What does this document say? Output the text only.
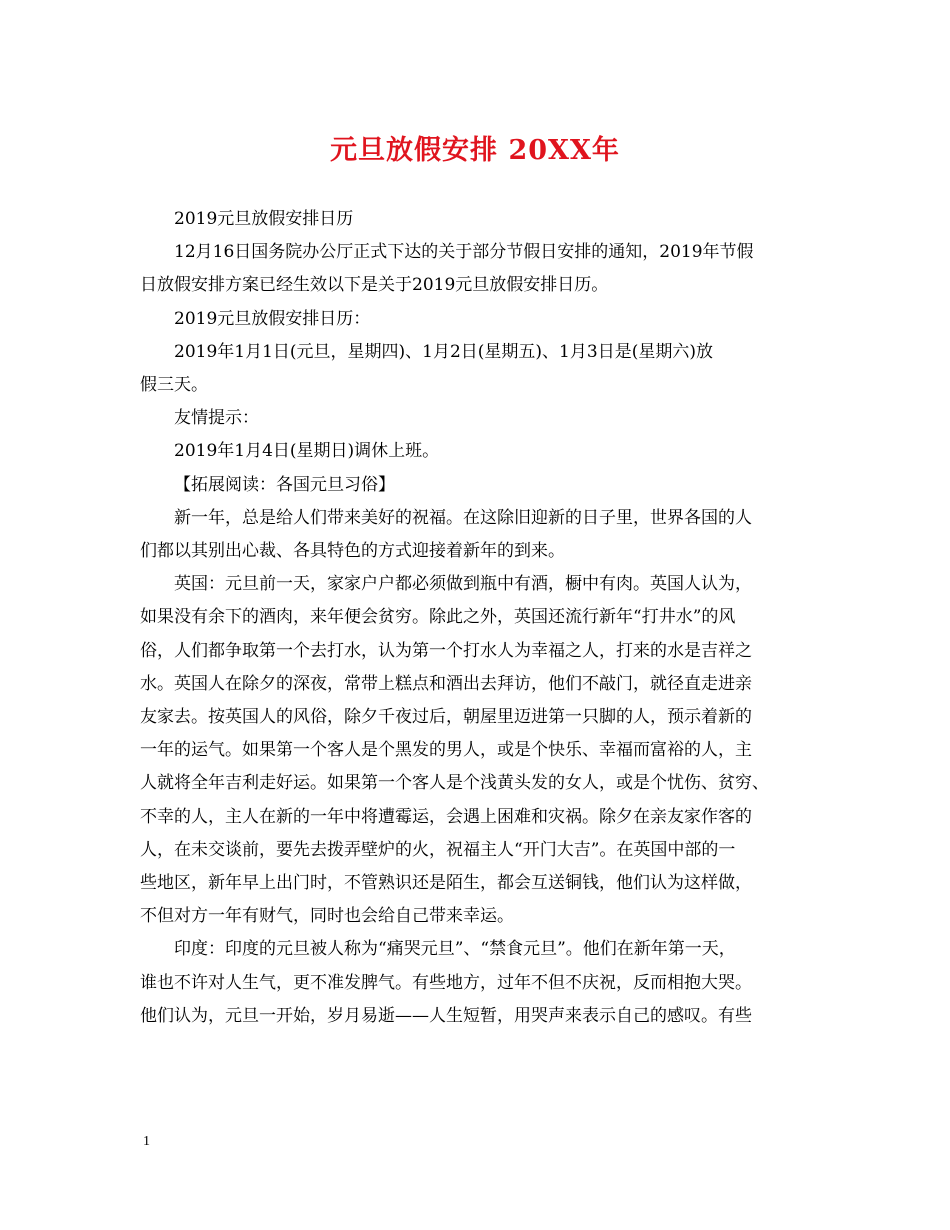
元旦放假安排 20XX年

2019元旦放假安排日历

12月16日国务院办公厅正式下达的关于部分节假日安排的通知，2019年节假

日放假安排方案已经生效以下是关于2019元旦放假安排日历。

2019元旦放假安排日历：

2019年1月1日(元旦，星期四)、1月2日(星期五)、1月3日是(星期六)放

假三天。

友情提示：

2019年1月4日(星期日)调休上班。

【拓展阅读：各国元旦习俗】

新一年，总是给人们带来美好的祝福。在这除旧迎新的日子里，世界各国的人

们都以其别出心裁、各具特色的方式迎接着新年的到来。

英国：元旦前一天，家家户户都必须做到瓶中有酒，橱中有肉。英国人认为，

如果没有余下的酒肉，来年便会贫穷。除此之外，英国还流行新年“打井水”的风

俗，人们都争取第一个去打水，认为第一个打水人为幸福之人，打来的水是吉祥之

水。英国人在除夕的深夜，常带上糕点和酒出去拜访，他们不敲门，就径直走进亲

友家去。按英国人的风俗，除夕千夜过后，朝屋里迈进第一只脚的人，预示着新的

一年的运气。如果第一个客人是个黑发的男人，或是个快乐、幸福而富裕的人，主

人就将全年吉利走好运。如果第一个客人是个浅黄头发的女人，或是个忧伤、贫穷、

不幸的人，主人在新的一年中将遭霉运，会遇上困难和灾祸。除夕在亲友家作客的

人，在未交谈前，要先去拨弄壁炉的火，祝福主人“开门大吉”。在英国中部的一

些地区，新年早上出门时，不管熟识还是陌生，都会互送铜钱，他们认为这样做，

不但对方一年有财气，同时也会给自己带来幸运。

印度：印度的元旦被人称为“痛哭元旦”、“禁食元旦”。他们在新年第一天，

谁也不许对人生气，更不准发脾气。有些地方，过年不但不庆祝，反而相抱大哭。

他们认为，元旦一开始，岁月易逝——人生短暂，用哭声来表示自己的感叹。有些

1
